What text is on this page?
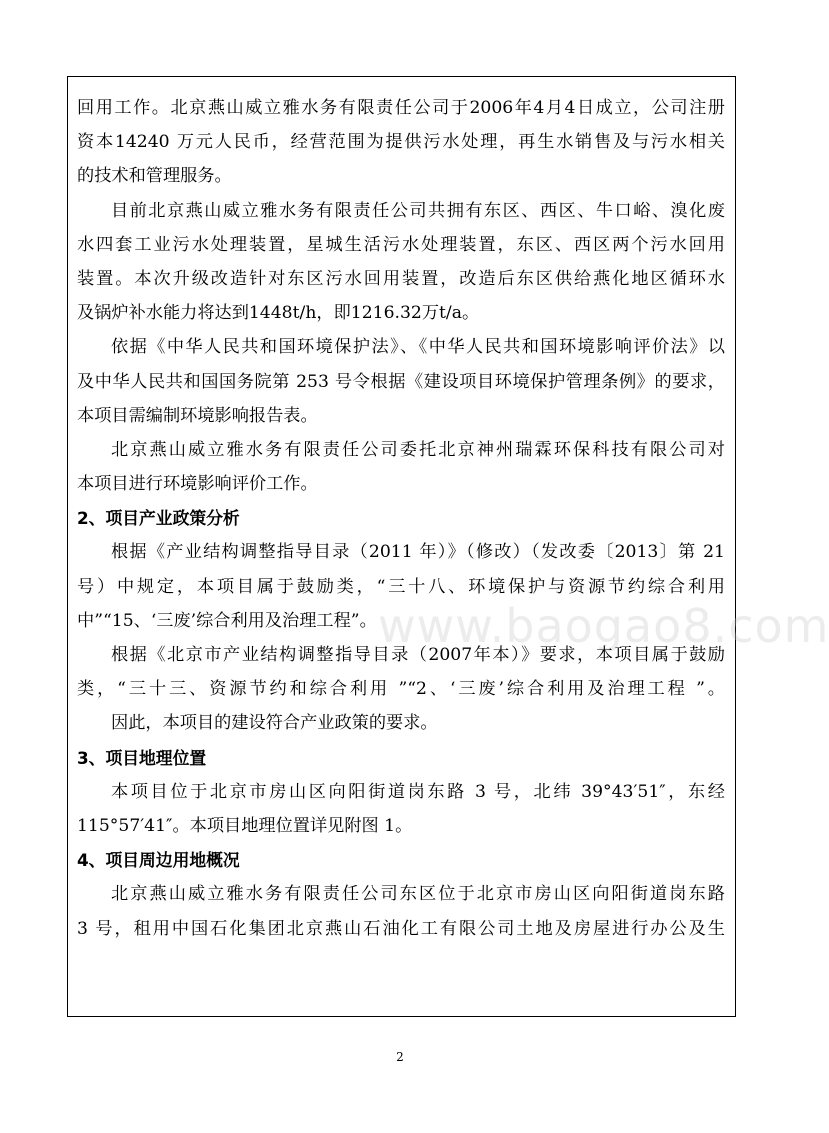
www.baogao8.com
回用工作。北京燕山威立雅水务有限责任公司于2006年4月4日成立，公司注册
资本14240 万元人民币，经营范围为提供污水处理，再生水销售及与污水相关
的技术和管理服务。
目前北京燕山威立雅水务有限责任公司共拥有东区、西区、牛口峪、溴化废
水四套工业污水处理装置，星城生活污水处理装置，东区、西区两个污水回用
装置。本次升级改造针对东区污水回用装置，改造后东区供给燕化地区循环水
及锅炉补水能力将达到1448t/h，即1216.32万t/a。
依据《中华人民共和国环境保护法》、《中华人民共和国环境影响评价法》以
及中华人民共和国国务院第 253 号令根据《建设项目环境保护管理条例》的要求，
本项目需编制环境影响报告表。
北京燕山威立雅水务有限责任公司委托北京神州瑞霖环保科技有限公司对
本项目进行环境影响评价工作。
2、项目产业政策分析
根据《产业结构调整指导目录（2011 年）》（修改）（发改委〔2013〕第 21
号）中规定，本项目属于鼓励类，“三十八、环境保护与资源节约综合利用
中”“15、‘三废’综合利用及治理工程”。
根据《北京市产业结构调整指导目录（2007年本）》要求，本项目属于鼓励
类，“三十三、资源节约和综合利用 ”“2、‘三废’综合利用及治理工程 ”。
因此，本项目的建设符合产业政策的要求。
3、项目地理位置
本项目位于北京市房山区向阳街道岗东路 3 号，北纬 39°43′51″，东经
115°57′41″。本项目地理位置详见附图 1。
4、项目周边用地概况
北京燕山威立雅水务有限责任公司东区位于北京市房山区向阳街道岗东路
3 号，租用中国石化集团北京燕山石油化工有限公司土地及房屋进行办公及生
2
